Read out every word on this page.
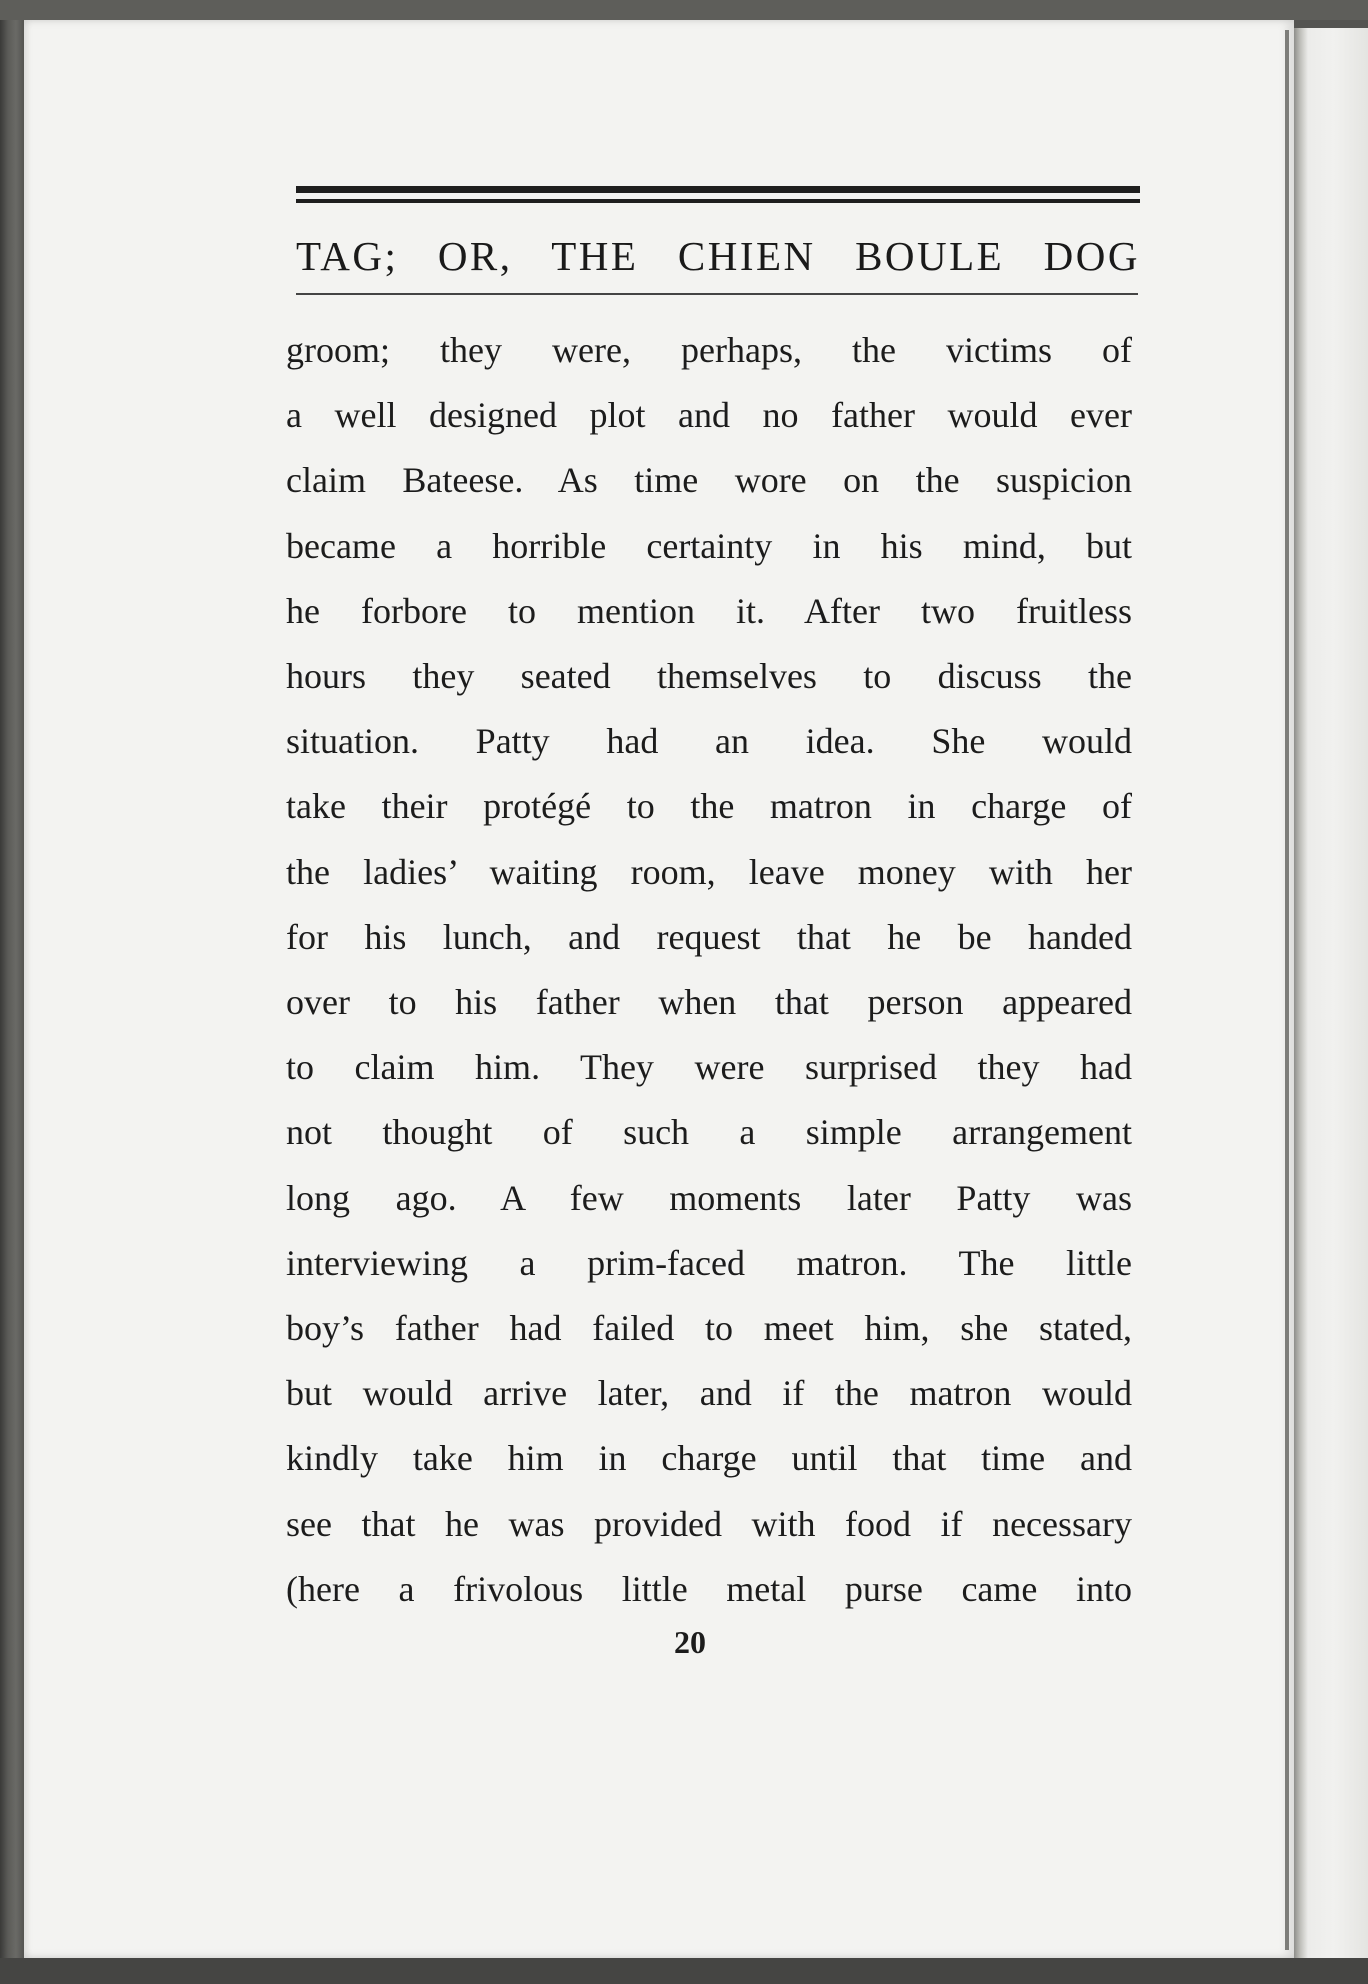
TAG; OR, THE CHIEN BOULE DOG
groom; they were, perhaps, the victims of
a well designed plot and no father would ever
claim Bateese. As time wore on the suspicion
became a horrible certainty in his mind, but
he forbore to mention it. After two fruitless
hours they seated themselves to discuss the
situation. Patty had an idea. She would
take their protégé to the matron in charge of
the ladies’ waiting room, leave money with her
for his lunch, and request that he be handed
over to his father when that person appeared
to claim him. They were surprised they had
not thought of such a simple arrangement
long ago. A few moments later Patty was
interviewing a prim-faced matron. The little
boy’s father had failed to meet him, she stated,
but would arrive later, and if the matron would
kindly take him in charge until that time and
see that he was provided with food if necessary
(here a frivolous little metal purse came into
20
